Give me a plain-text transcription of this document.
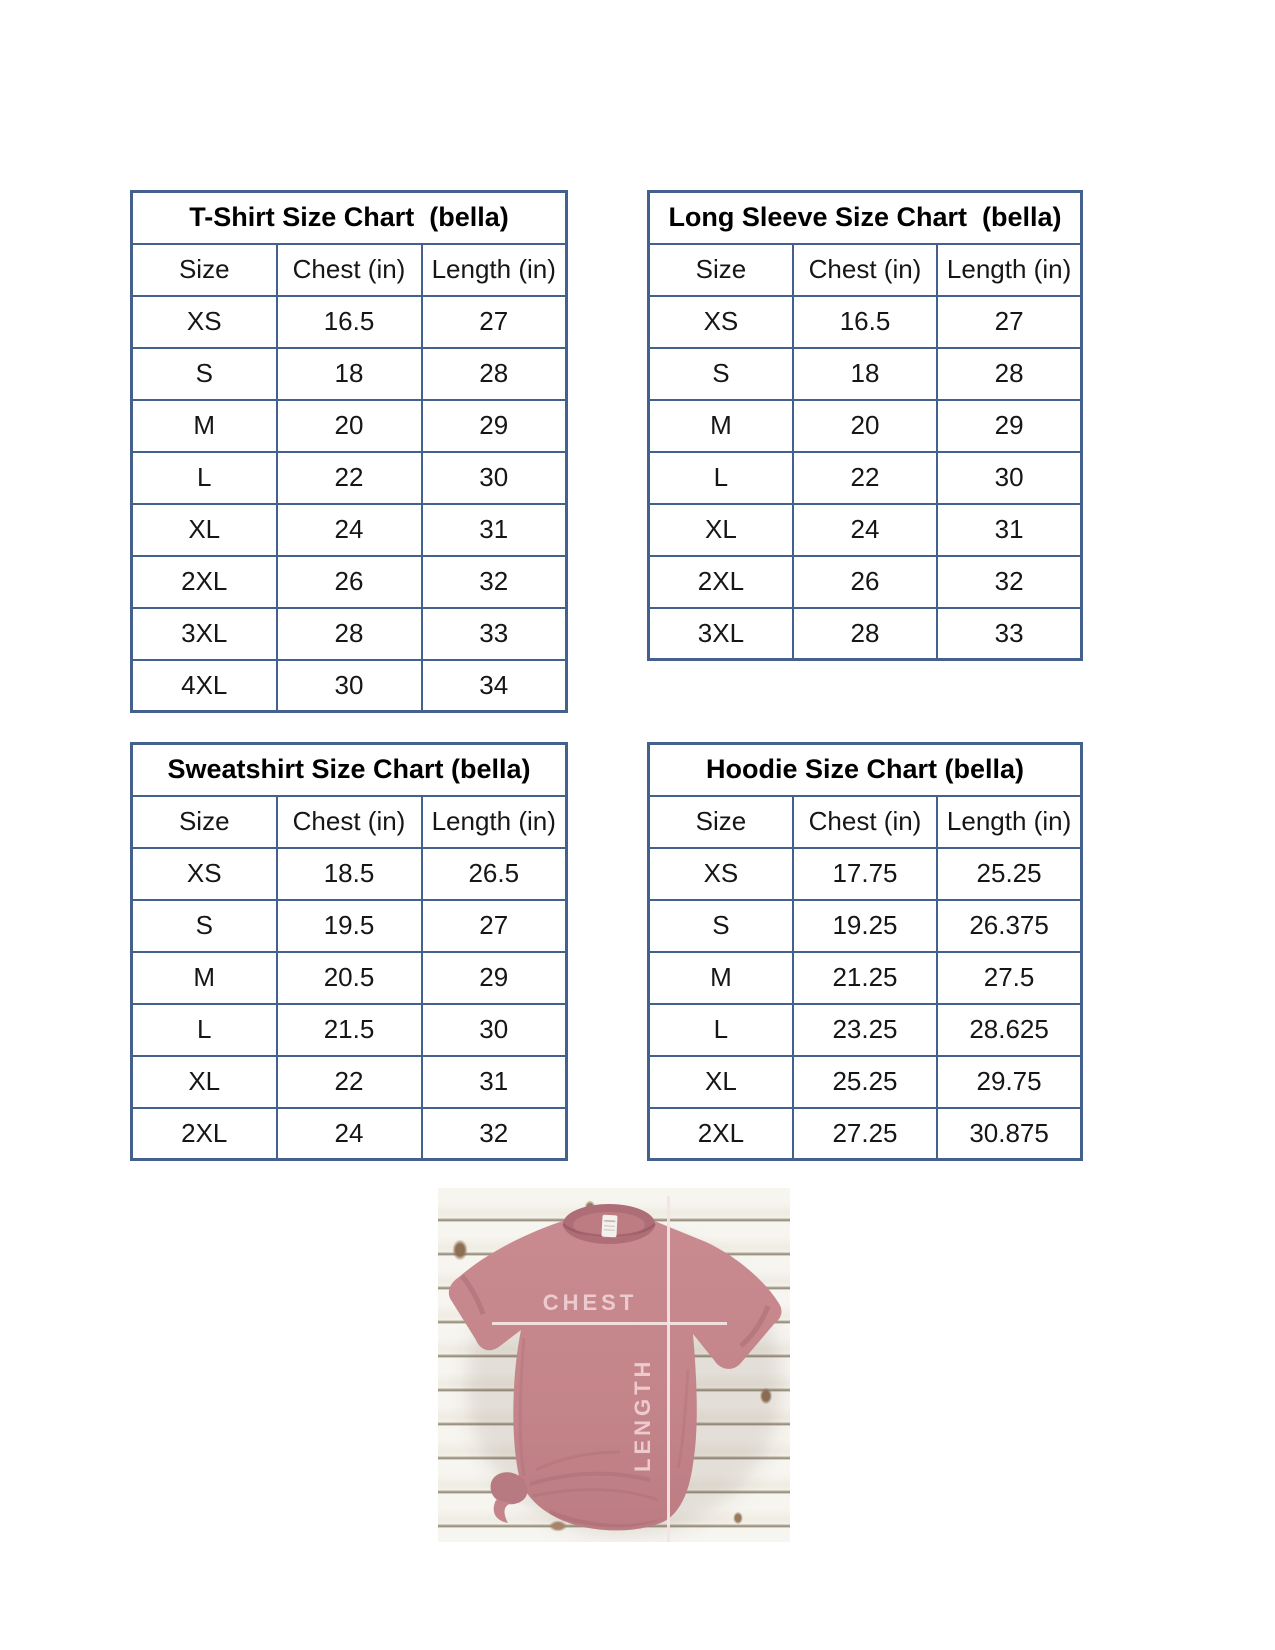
T-Shirt Size Chart  (bella)		
Size	Chest (in)	Length (in)
XS	16.5	27
S	18	28
M	20	29
L	22	30
XL	24	31
2XL	26	32
3XL	28	33
4XL	30	34
Long Sleeve Size Chart  (bella)		
Size	Chest (in)	Length (in)
XS	16.5	27
S	18	28
M	20	29
L	22	30
XL	24	31
2XL	26	32
3XL	28	33
Sweatshirt Size Chart (bella)		
Size	Chest (in)	Length (in)
XS	18.5	26.5
S	19.5	27
M	20.5	29
L	21.5	30
XL	22	31
2XL	24	32
Hoodie Size Chart (bella)		
Size	Chest (in)	Length (in)
XS	17.75	25.25
S	19.25	26.375
M	21.25	27.5
L	23.25	28.625
XL	25.25	29.75
2XL	27.25	30.875
CHEST
LENGTH
